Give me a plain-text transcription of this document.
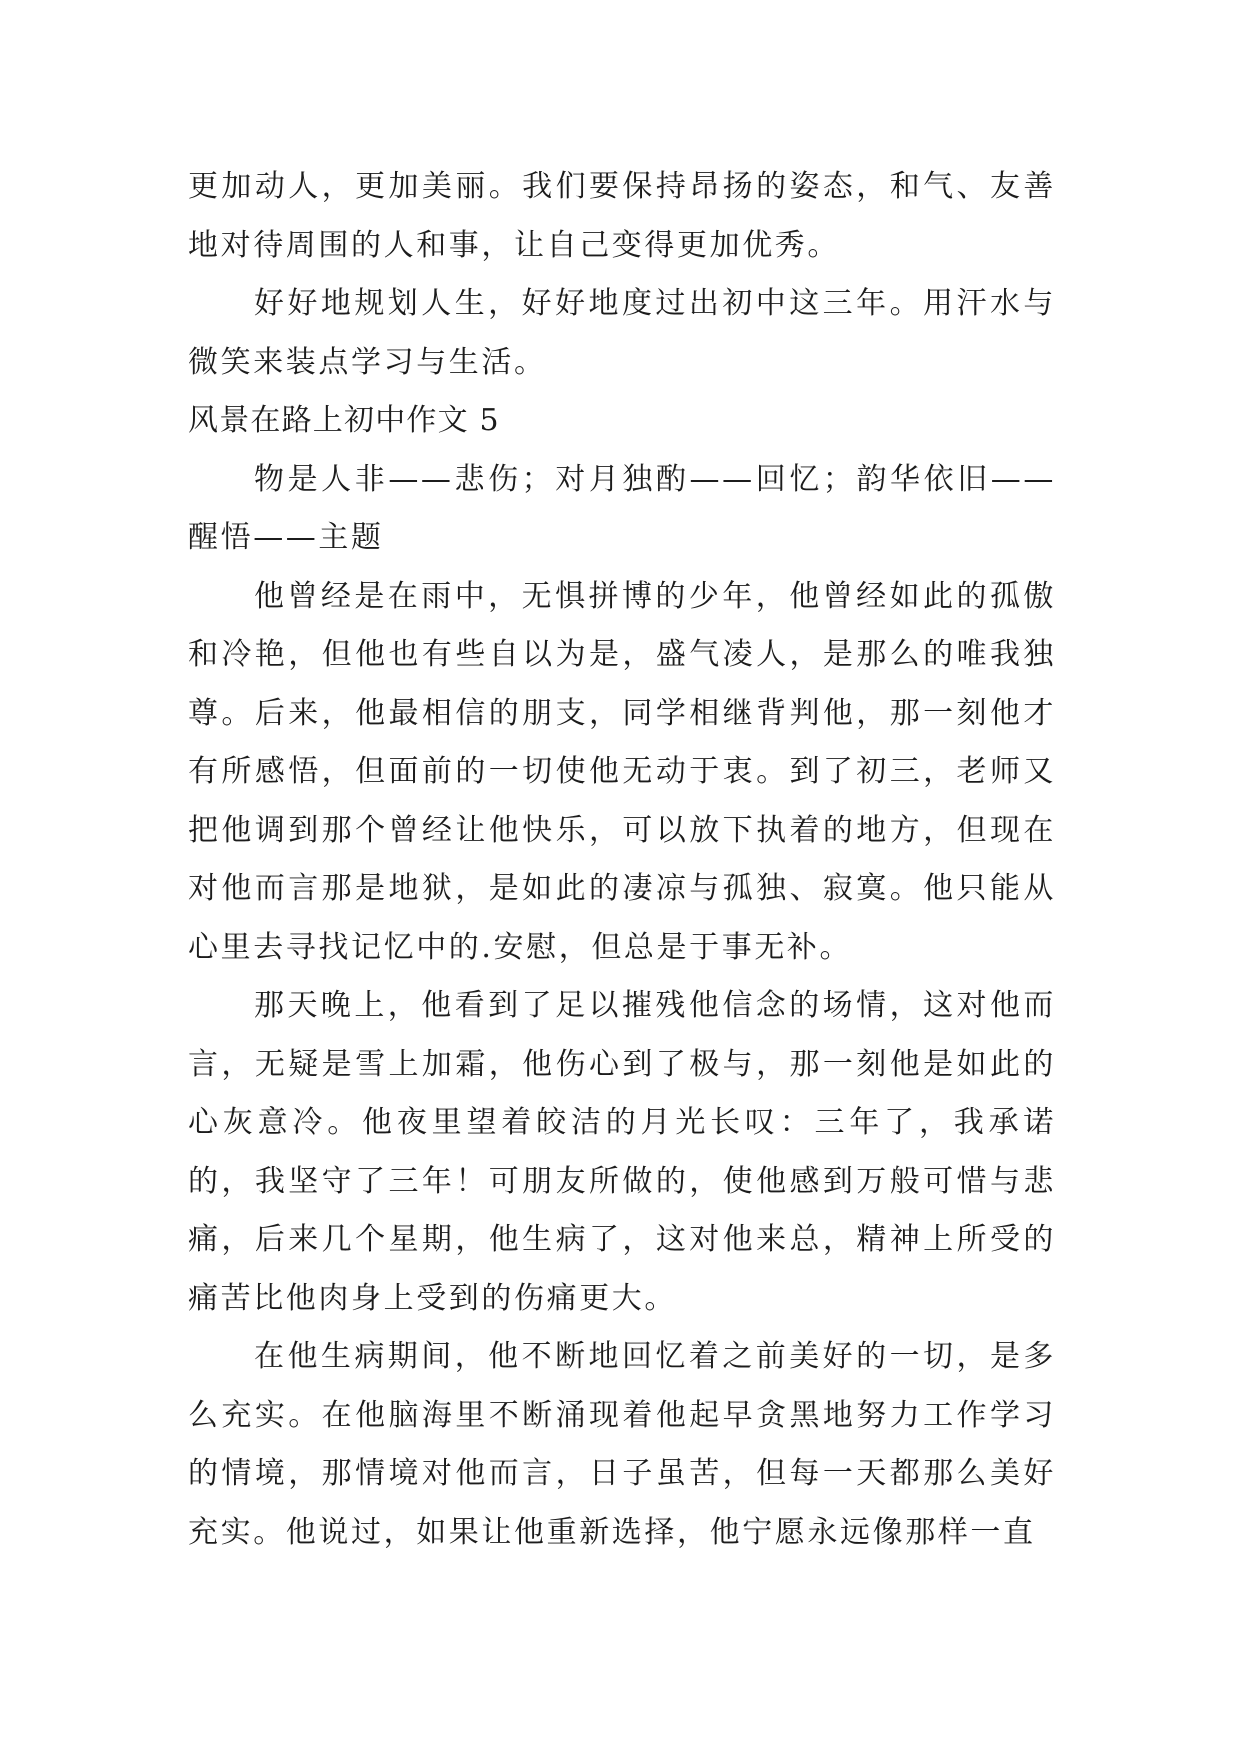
更加动人，更加美丽。我们要保持昂扬的姿态，和气、友善地对待周围的人和事，让自己变得更加优秀。

好好地规划人生，好好地度过出初中这三年。用汗水与微笑来装点学习与生活。

风景在路上初中作文 5

物是人非——悲伤；对月独酌——回忆；韵华依旧——醒悟——主题

他曾经是在雨中，无惧拼博的少年，他曾经如此的孤傲和冷艳，但他也有些自以为是，盛气凌人，是那么的唯我独尊。后来，他最相信的朋支，同学相继背判他，那一刻他才有所感悟，但面前的一切使他无动于衷。到了初三，老师又把他调到那个曾经让他快乐，可以放下执着的地方，但现在对他而言那是地狱，是如此的凄凉与孤独、寂寞。他只能从心里去寻找记忆中的.安慰，但总是于事无补。

那天晚上，他看到了足以摧残他信念的场情，这对他而言，无疑是雪上加霜，他伤心到了极与，那一刻他是如此的心灰意冷。他夜里望着皎洁的月光长叹：三年了，我承诺的，我坚守了三年！可朋友所做的，使他感到万般可惜与悲痛，后来几个星期，他生病了，这对他来总，精神上所受的痛苦比他肉身上受到的伤痛更大。

在他生病期间，他不断地回忆着之前美好的一切，是多么充实。在他脑海里不断涌现着他起早贪黑地努力工作学习的情境，那情境对他而言，日子虽苦，但每一天都那么美好充实。他说过，如果让他重新选择，他宁愿永远像那样一直
